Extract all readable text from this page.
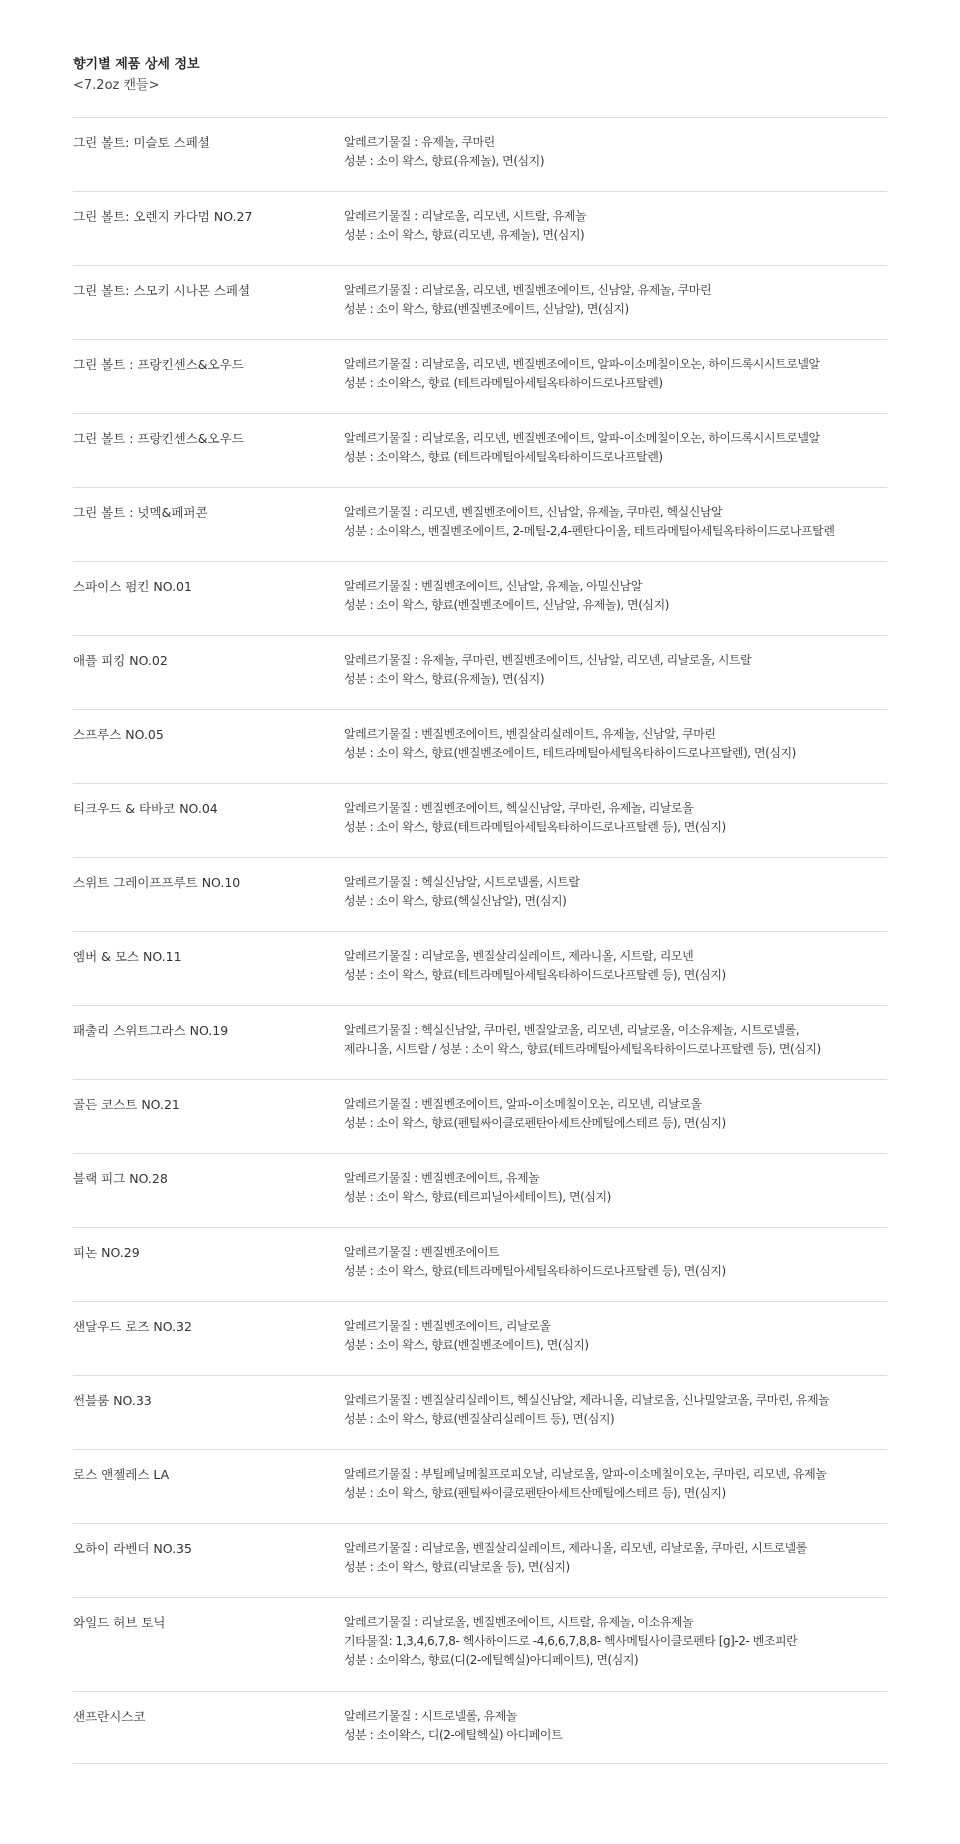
향기별 제품 상세 정보

<7.2oz 캔들>

그린 볼트: 미슬토 스페셜	알레르기물질 : 유제놀, 쿠마린
성분 : 소이 왁스, 향료(유제놀), 면(심지)
그린 볼트: 오렌지 카다멈 NO.27	알레르기물질 : 리날로올, 리모넨, 시트랄, 유제놀
성분 : 소이 왁스, 향료(리모넨, 유제놀), 면(심지)
그린 볼트: 스모키 시나몬 스페셜	알레르기물질 : 리날로올, 리모넨, 벤질벤조에이트, 신남알, 유제놀, 쿠마린
성분 : 소이 왁스, 향료(벤질벤조에이트, 신남알), 면(심지)
그린 볼트 : 프랑킨센스&오우드	알레르기물질 : 리날로올, 리모넨, 벤질벤조에이트, 알파-이소메칠이오논, 하이드록시시트로넬알
성분 : 소이왁스, 향료 (테트라메틸아세틸옥타하이드로나프탈렌)
그린 볼트 : 프랑킨센스&오우드	알레르기물질 : 리날로올, 리모넨, 벤질벤조에이트, 알파-이소메칠이오논, 하이드록시시트로넬알
성분 : 소이왁스, 향료 (테트라메틸아세틸옥타하이드로나프탈렌)
그린 볼트 : 넛멕&페퍼콘	알레르기물질 : 리모넨, 벤질벤조에이트, 신남알, 유제놀, 쿠마린, 헥실신남알
성분 : 소이왁스, 벤질벤조에이트, 2-메틸-2,4-펜탄다이올, 테트라메틸아세틸옥타하이드로나프탈렌
스파이스 펌킨 NO.01	알레르기물질 : 벤질벤조에이트, 신남알, 유제놀, 아밀신남알
성분 : 소이 왁스, 향료(벤질벤조에이트, 신남알, 유제놀), 면(심지)
애플 피킹 NO.02	알레르기물질 : 유제놀, 쿠마린, 벤질벤조에이트, 신남알, 리모넨, 리날로올, 시트랄
성분 : 소이 왁스, 향료(유제놀), 면(심지)
스프루스 NO.05	알레르기물질 : 벤질벤조에이트, 벤질살리실레이트, 유제놀, 신남알, 쿠마린
성분 : 소이 왁스, 향료(벤질벤조에이트, 테트라메틸아세틸옥타하이드로나프탈렌), 면(심지)
티크우드 & 타바코 NO.04	알레르기물질 : 벤질벤조에이트, 헥실신남알, 쿠마린, 유제놀, 리날로올
성분 : 소이 왁스, 향료(테트라메틸아세틸옥타하이드로나프탈렌 등), 면(심지)
스위트 그레이프프루트 NO.10	알레르기물질 : 헥실신남알, 시트로넬롤, 시트랄
성분 : 소이 왁스, 향료(헥실신남알), 면(심지)
엠버 & 모스 NO.11	알레르기물질 : 리날로올, 벤질살리실레이트, 제라니올, 시트랄, 리모넨
성분 : 소이 왁스, 향료(테트라메틸아세틸옥타하이드로나프탈렌 등), 면(심지)
패출리 스위트그라스 NO.19	알레르기물질 : 헥실신남알, 쿠마린, 벤질알코올, 리모넨, 리날로올, 이소유제놀, 시트로넬롤,
제라니올, 시트랄 / 성분 : 소이 왁스, 향료(테트라메틸아세틸옥타하이드로나프탈렌 등), 면(심지)
골든 코스트 NO.21	알레르기물질 : 벤질벤조에이트, 알파-이소메칠이오논, 리모넨, 리날로올
성분 : 소이 왁스, 향료(펜틸싸이클로펜탄아세트산메틸에스테르 등), 면(심지)
블랙 피그 NO.28	알레르기물질 : 벤질벤조에이트, 유제놀
성분 : 소이 왁스, 향료(테르피닐아세테이트), 면(심지)
피논 NO.29	알레르기물질 : 벤질벤조에이트
성분 : 소이 왁스, 향료(테트라메틸아세틸옥타하이드로나프탈렌 등), 면(심지)
샌달우드 로즈 NO.32	알레르기물질 : 벤질벤조에이트, 리날로올
성분 : 소이 왁스, 향료(벤질벤조에이트), 면(심지)
썬블룸 NO.33	알레르기물질 : 벤질살리실레이트, 헥실신남알, 제라니올, 리날로올, 신나밀알코올, 쿠마린, 유제놀
성분 : 소이 왁스, 향료(벤질살리실레이트 등), 면(심지)
로스 앤젤레스 LA	알레르기물질 : 부틸페닐메칠프로피오날, 리날로올, 알파-이소메칠이오논, 쿠마린, 리모넨, 유제놀
성분 : 소이 왁스, 향료(펜틸싸이클로펜탄아세트산메틸에스테르 등), 면(심지)
오하이 라벤더 NO.35	알레르기물질 : 리날로올, 벤질살리실레이트, 제라니올, 리모넨, 리날로올, 쿠마린, 시트로넬롤
성분 : 소이 왁스, 향료(리날로올 등), 면(심지)
와일드 허브 토닉	알레르기물질 : 리날로올, 벤질벤조에이트, 시트랄, 유제놀, 이소유제놀
기타물질: 1,3,4,6,7,8- 헥사하이드로 -4,6,6,7,8,8- 헥사메틸사이클로펜타 [g]-2- 벤조피란
성분 : 소이왁스, 향료(디(2-에틸헥실)아디페이트), 면(심지)
샌프란시스코	알레르기물질 : 시트로넬롤, 유제놀
성분 : 소이왁스, 디(2-에틸헥실) 아디페이트
